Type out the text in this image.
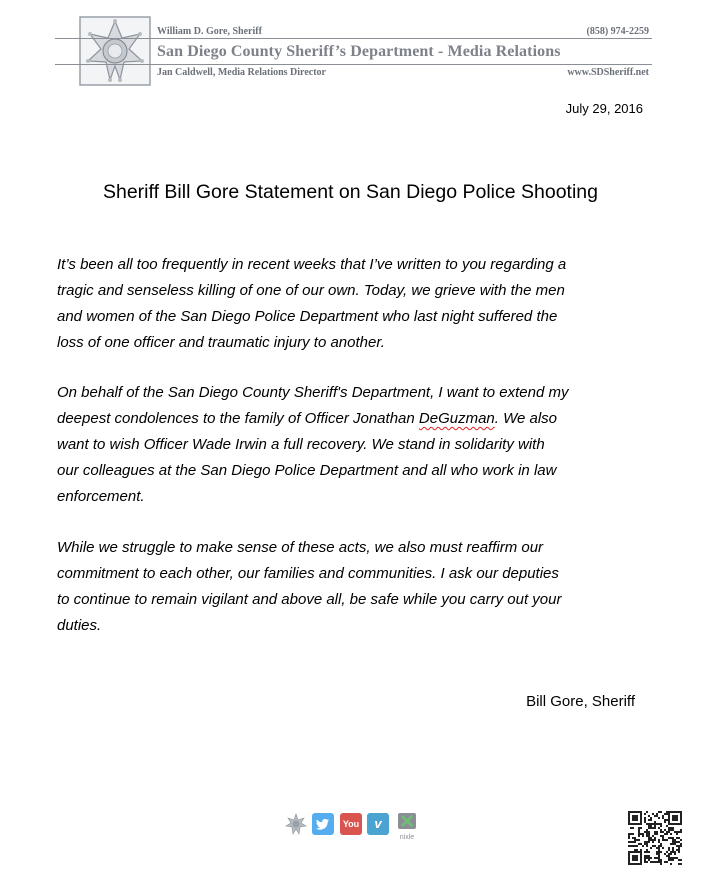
William D. Gore, Sheriff	(858) 974-2259
San Diego County Sheriff’s Department - Media Relations
Jan Caldwell, Media Relations Director	www.SDSheriff.net
July 29, 2016
Sheriff Bill Gore Statement on San Diego Police Shooting
It’s been all too frequently in recent weeks that I’ve written to you regarding a
tragic and senseless killing of one of our own. Today, we grieve with the men
and women of the San Diego Police Department who last night suffered the
loss of one officer and traumatic injury to another.
On behalf of the San Diego County Sheriff's Department, I want to extend my
deepest condolences to the family of Officer Jonathan DeGuzman. We also
want to wish Officer Wade Irwin a full recovery. We stand in solidarity with
our colleagues at the San Diego Police Department and all who work in law
enforcement.
While we struggle to make sense of these acts, we also must reaffirm our
commitment to each other, our families and communities. I ask our deputies
to continue to remain vigilant and above all, be safe while you carry out your
duties.
Bill Gore, Sheriff
You	v
nixle
